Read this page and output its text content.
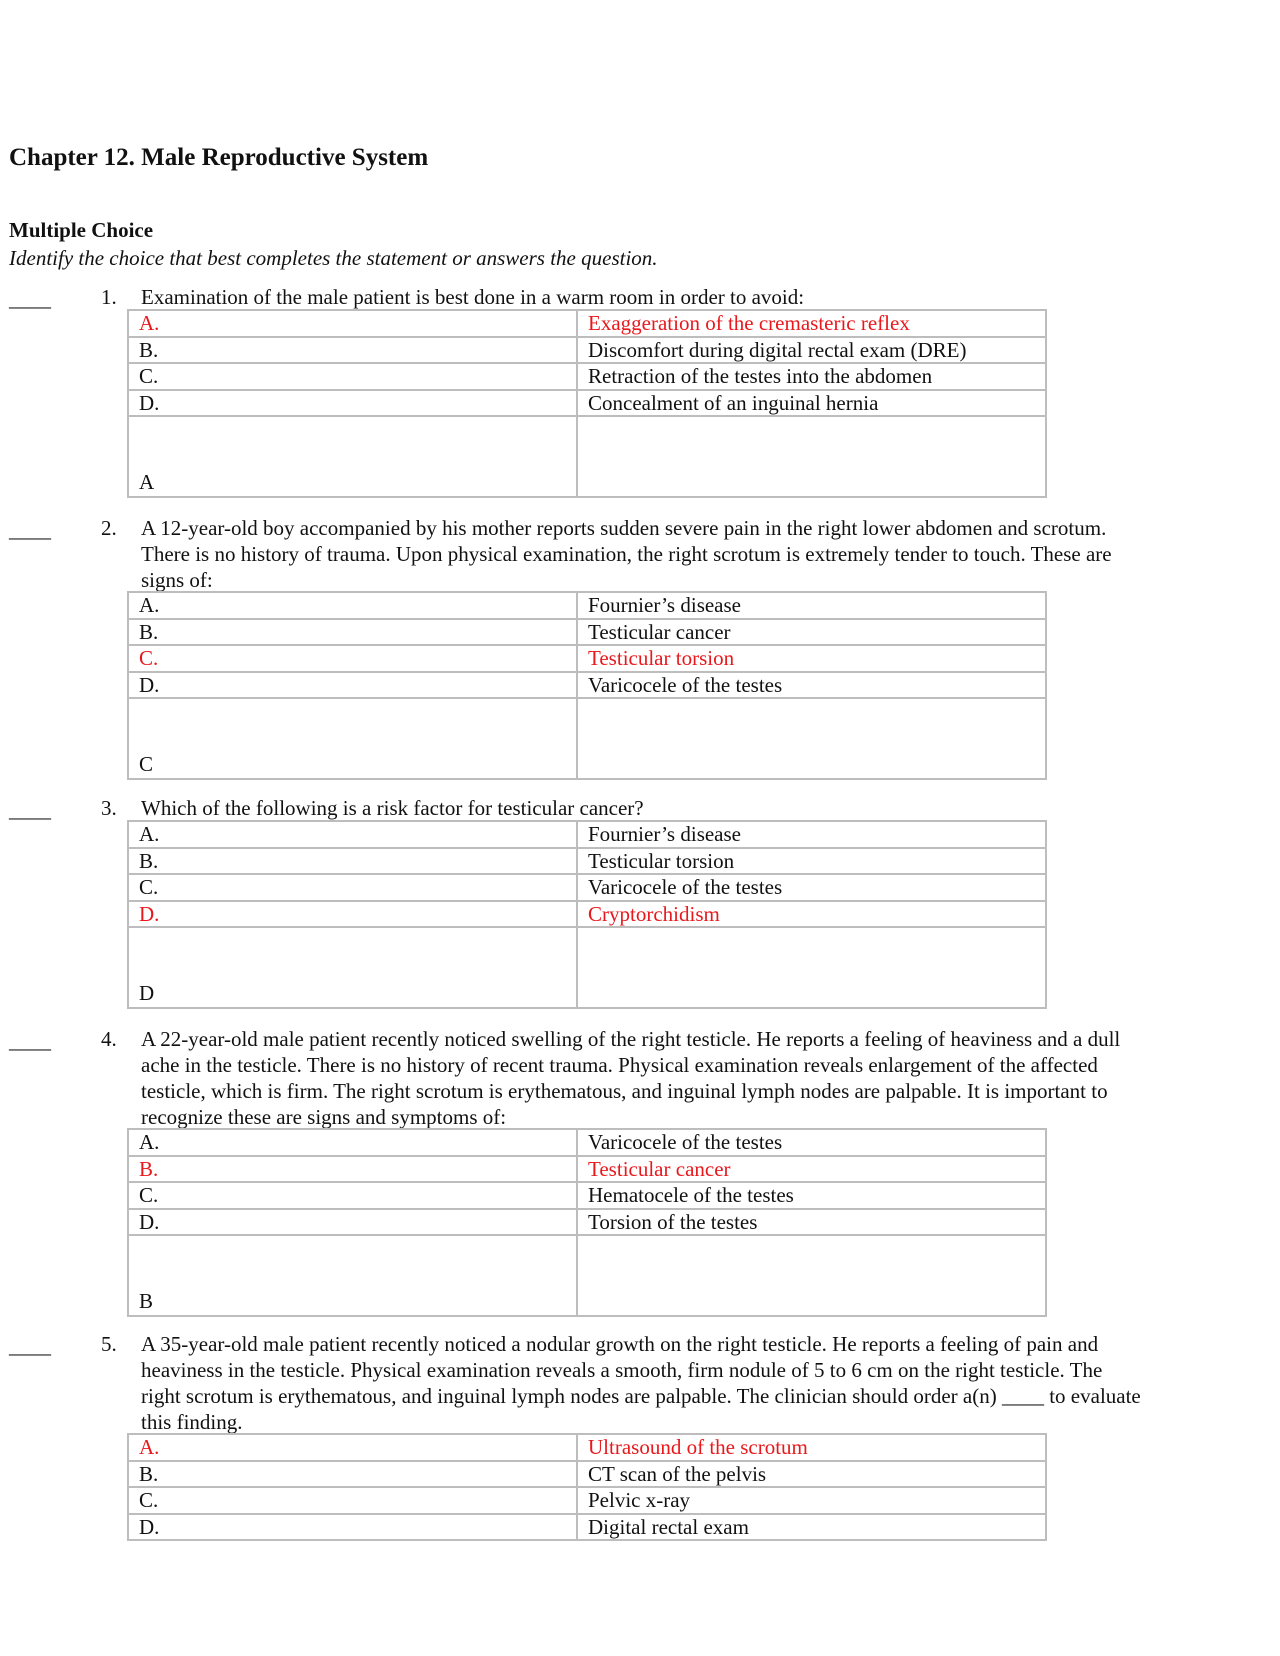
Chapter 12. Male Reproductive System
Multiple Choice

Identify the choice that best completes the statement or answers the question.

____ 1. Examination of the male patient is best done in a warm room in order to avoid:
A.	Exaggeration of the cremasteric reflex
B.	Discomfort during digital rectal exam (DRE)
C.	Retraction of the testes into the abdomen
D.	Concealment of an inguinal hernia
A	
____ 2. A 12-year-old boy accompanied by his mother reports sudden severe pain in the right lower abdomen and scrotum. There is no history of trauma. Upon physical examination, the right scrotum is extremely tender to touch. These are signs of:
A.	Fournier’s disease
B.	Testicular cancer
C.	Testicular torsion
D.	Varicocele of the testes
C	
____ 3. Which of the following is a risk factor for testicular cancer?
A.	Fournier’s disease
B.	Testicular torsion
C.	Varicocele of the testes
D.	Cryptorchidism
D	
____ 4. A 22-year-old male patient recently noticed swelling of the right testicle. He reports a feeling of heaviness and a dull ache in the testicle. There is no history of recent trauma. Physical examination reveals enlargement of the affected testicle, which is firm. The right scrotum is erythematous, and inguinal lymph nodes are palpable. It is important to recognize these are signs and symptoms of:
A.	Varicocele of the testes
B.	Testicular cancer
C.	Hematocele of the testes
D.	Torsion of the testes
B	
____ 5. A 35-year-old male patient recently noticed a nodular growth on the right testicle. He reports a feeling of pain and heaviness in the testicle. Physical examination reveals a smooth, firm nodule of 5 to 6 cm on the right testicle. The right scrotum is erythematous, and inguinal lymph nodes are palpable. The clinician should order a(n) ____ to evaluate this finding.
A.	Ultrasound of the scrotum
B.	CT scan of the pelvis
C.	Pelvic x-ray
D.	Digital rectal exam
